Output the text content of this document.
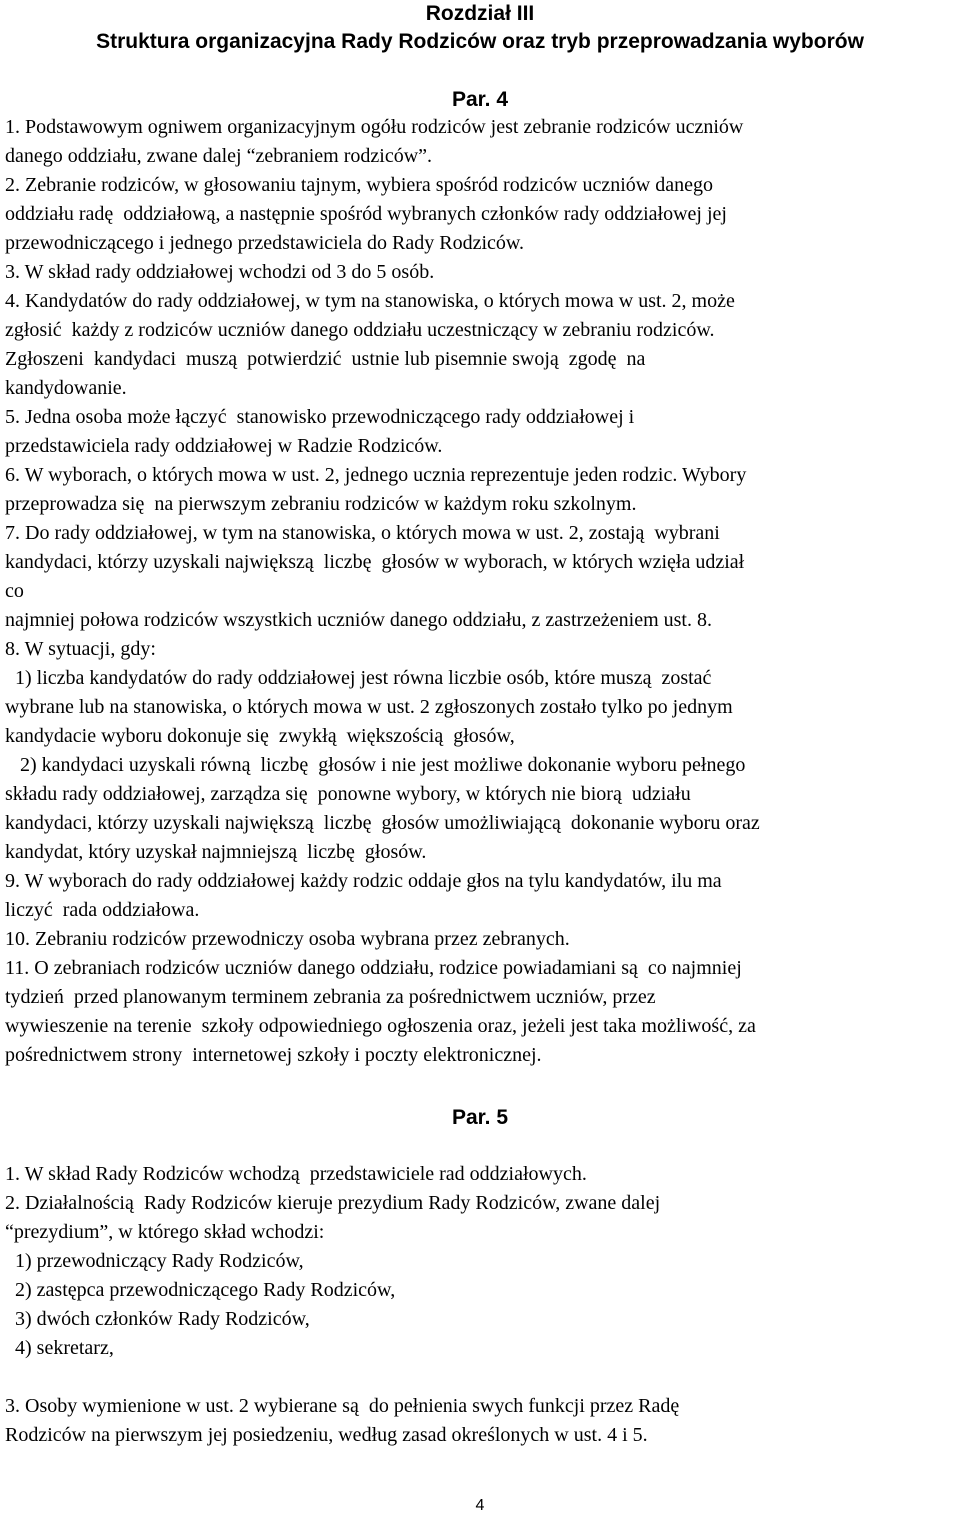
Rozdział III
Struktura organizacyjna Rady Rodziców oraz tryb przeprowadzania wyborów
Par. 4
1. Podstawowym ogniwem organizacyjnym ogółu rodziców jest zebranie rodziców uczniów
danego oddziału, zwane dalej “zebraniem rodziców”.
2. Zebranie rodziców, w głosowaniu tajnym, wybiera spośród rodziców uczniów danego
oddziału radę  oddziałową, a następnie spośród wybranych członków rady oddziałowej jej
przewodniczącego i jednego przedstawiciela do Rady Rodziców.
3. W skład rady oddziałowej wchodzi od 3 do 5 osób.
4. Kandydatów do rady oddziałowej, w tym na stanowiska, o których mowa w ust. 2, może
zgłosić  każdy z rodziców uczniów danego oddziału uczestniczący w zebraniu rodziców.
Zgłoszeni  kandydaci  muszą  potwierdzić  ustnie lub pisemnie swoją  zgodę  na
kandydowanie.
5. Jedna osoba może łączyć  stanowisko przewodniczącego rady oddziałowej i
przedstawiciela rady oddziałowej w Radzie Rodziców.
6. W wyborach, o których mowa w ust. 2, jednego ucznia reprezentuje jeden rodzic. Wybory
przeprowadza się  na pierwszym zebraniu rodziców w każdym roku szkolnym.
7. Do rady oddziałowej, w tym na stanowiska, o których mowa w ust. 2, zostają  wybrani
kandydaci, którzy uzyskali największą  liczbę  głosów w wyborach, w których wzięła udział
co
najmniej połowa rodziców wszystkich uczniów danego oddziału, z zastrzeżeniem ust. 8.
8. W sytuacji, gdy:
1) liczba kandydatów do rady oddziałowej jest równa liczbie osób, które muszą  zostać
wybrane lub na stanowiska, o których mowa w ust. 2 zgłoszonych zostało tylko po jednym
kandydacie wyboru dokonuje się  zwykłą  większością  głosów,
2) kandydaci uzyskali równą  liczbę  głosów i nie jest możliwe dokonanie wyboru pełnego
składu rady oddziałowej, zarządza się  ponowne wybory, w których nie biorą  udziału
kandydaci, którzy uzyskali największą  liczbę  głosów umożliwiającą  dokonanie wyboru oraz
kandydat, który uzyskał najmniejszą  liczbę  głosów.
9. W wyborach do rady oddziałowej każdy rodzic oddaje głos na tylu kandydatów, ilu ma
liczyć  rada oddziałowa.
10. Zebraniu rodziców przewodniczy osoba wybrana przez zebranych.
11. O zebraniach rodziców uczniów danego oddziału, rodzice powiadamiani są  co najmniej
tydzień  przed planowanym terminem zebrania za pośrednictwem uczniów, przez
wywieszenie na terenie  szkoły odpowiedniego ogłoszenia oraz, jeżeli jest taka możliwość, za
pośrednictwem strony  internetowej szkoły i poczty elektronicznej.
Par. 5
1. W skład Rady Rodziców wchodzą  przedstawiciele rad oddziałowych.
2. Działalnością  Rady Rodziców kieruje prezydium Rady Rodziców, zwane dalej
“prezydium”, w którego skład wchodzi:
1) przewodniczący Rady Rodziców,
2) zastępca przewodniczącego Rady Rodziców,
3) dwóch członków Rady Rodziców,
4) sekretarz,
3. Osoby wymienione w ust. 2 wybierane są  do pełnienia swych funkcji przez Radę
Rodziców na pierwszym jej posiedzeniu, według zasad określonych w ust. 4 i 5.
4
